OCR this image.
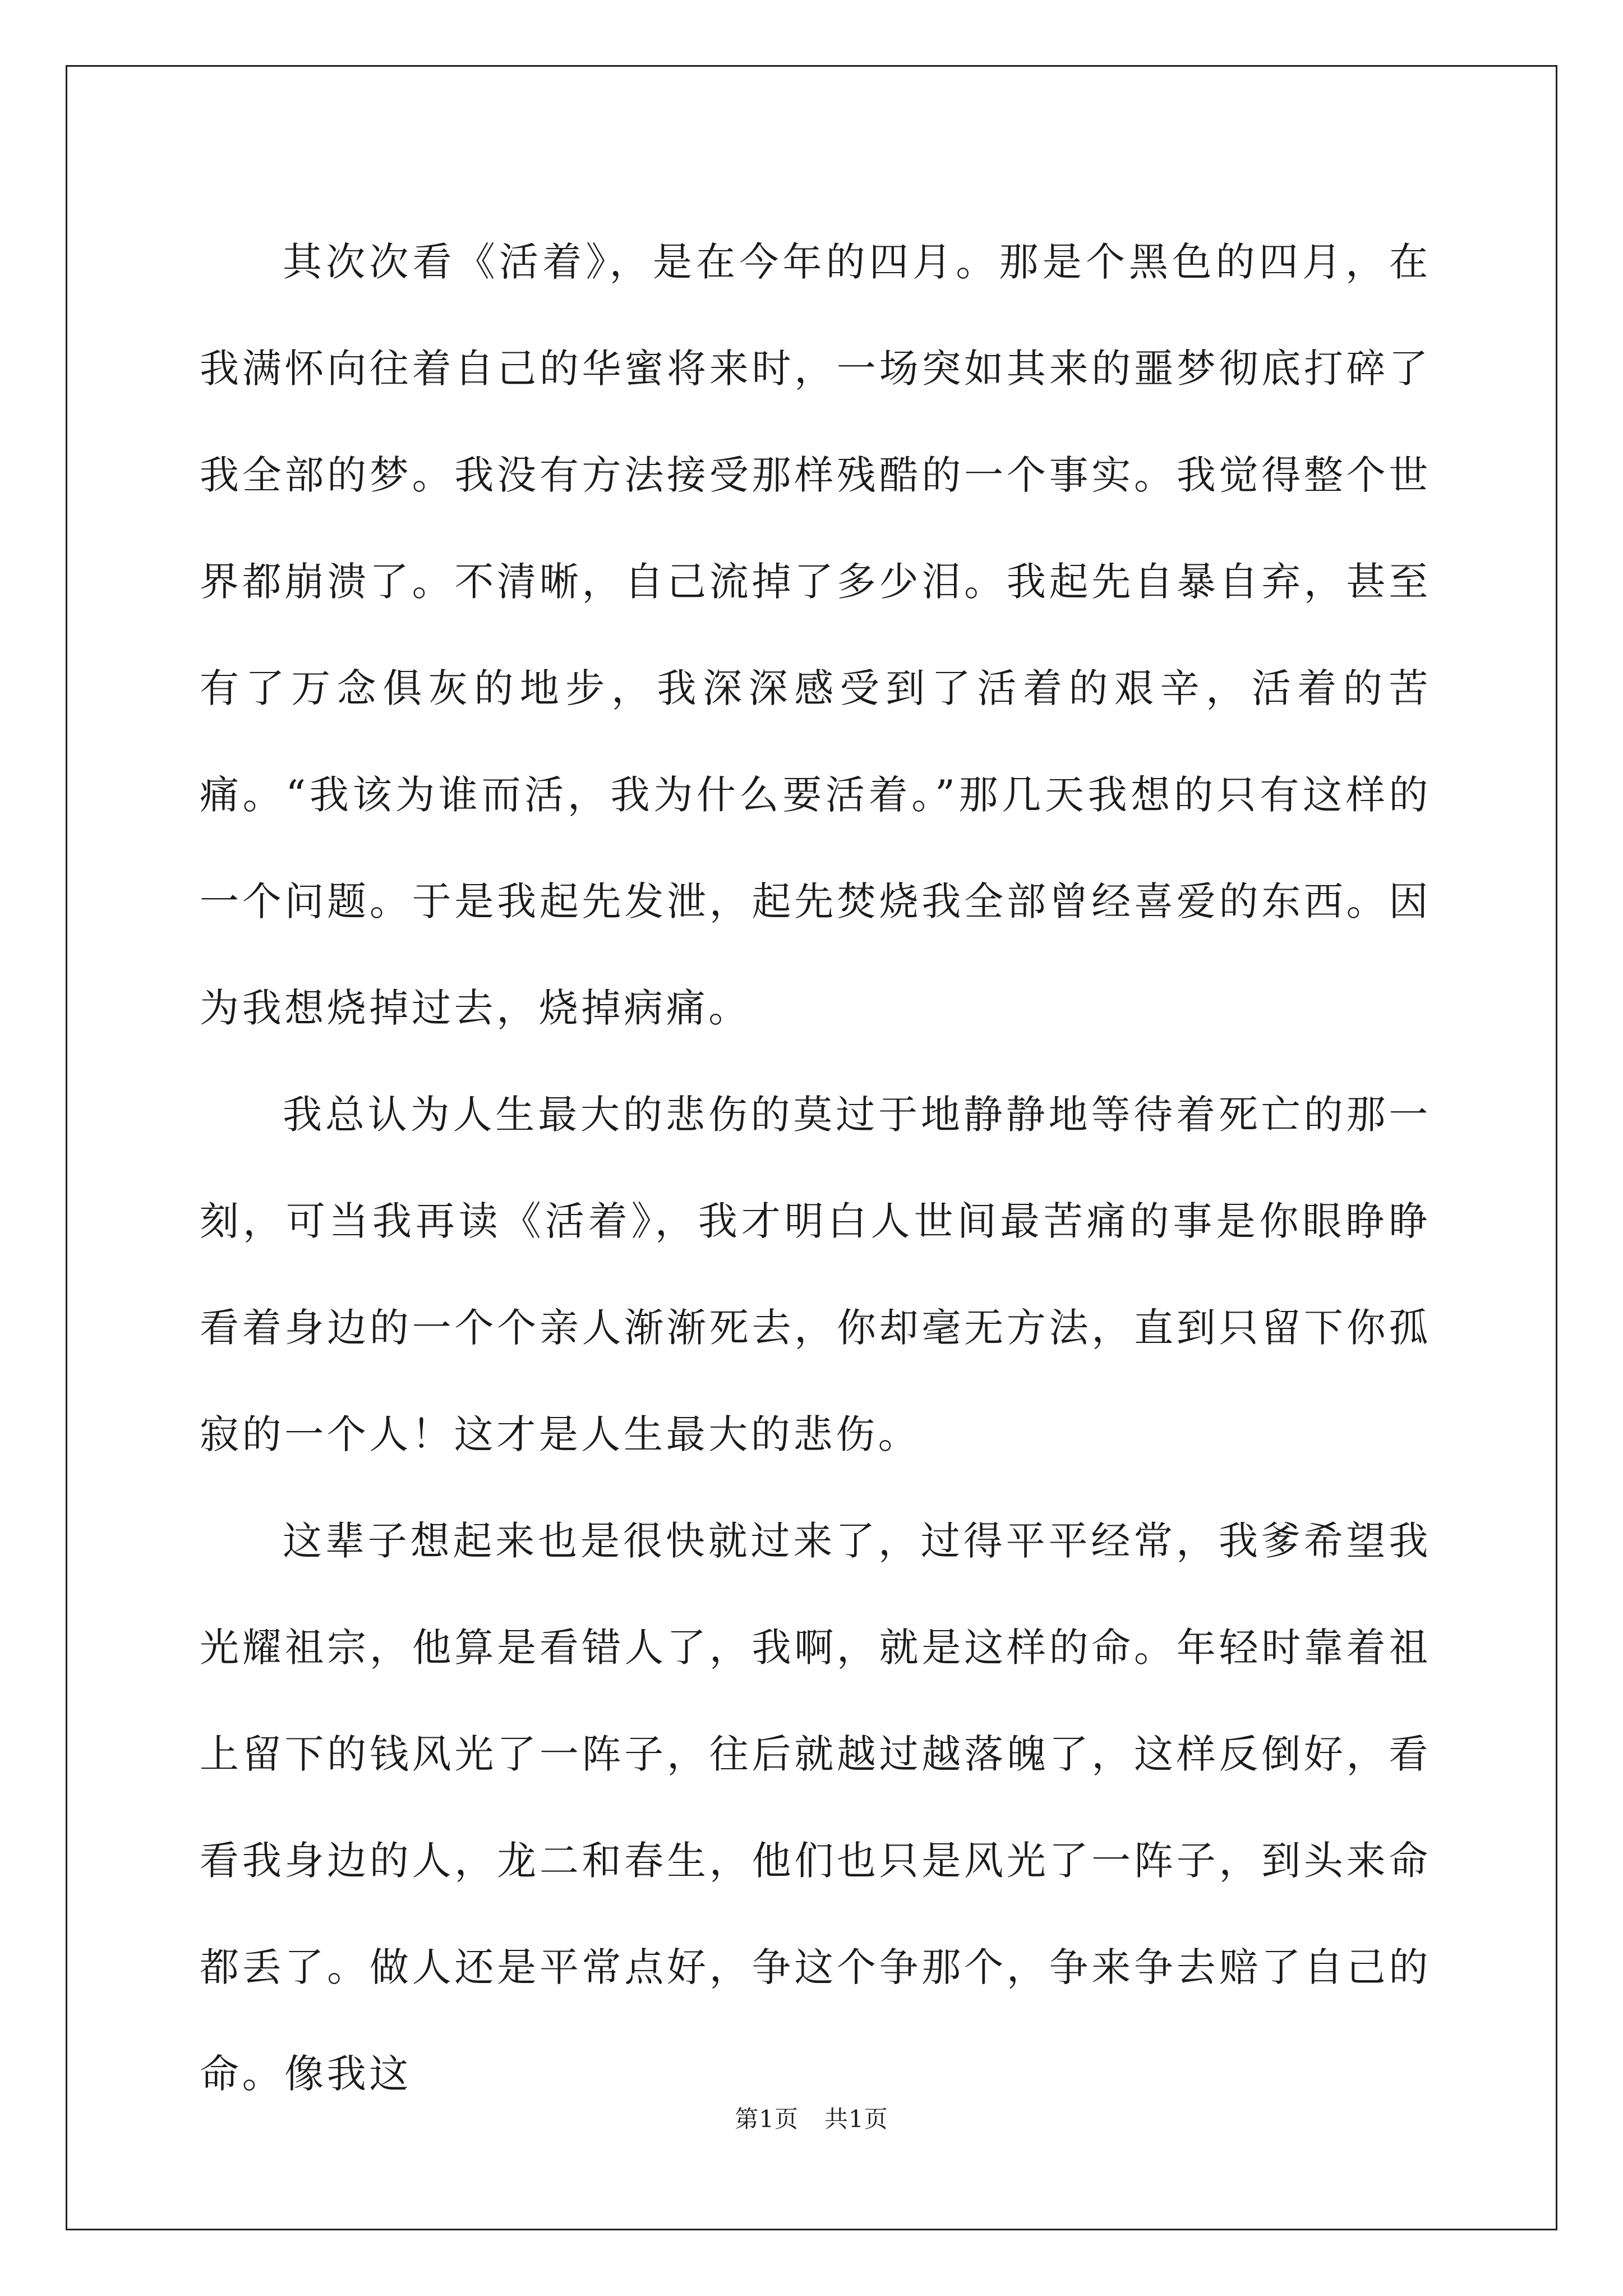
其次次看《活着》，是在今年的四月。那是个黑色的四月，在我满怀向往着自己的华蜜将来时，一场突如其来的噩梦彻底打碎了我全部的梦。我没有方法接受那样残酷的一个事实。我觉得整个世界都崩溃了。不清晰，自己流掉了多少泪。我起先自暴自弃，甚至有了万念俱灰的地步，我深深感受到了活着的艰辛，活着的苦痛。“我该为谁而活，我为什么要活着。”那几天我想的只有这样的一个问题。于是我起先发泄，起先焚烧我全部曾经喜爱的东西。因为我想烧掉过去，烧掉病痛。

我总认为人生最大的悲伤的莫过于地静静地等待着死亡的那一刻，可当我再读《活着》，我才明白人世间最苦痛的事是你眼睁睁看着身边的一个个亲人渐渐死去，你却毫无方法，直到只留下你孤寂的一个人！这才是人生最大的悲伤。

这辈子想起来也是很快就过来了，过得平平经常，我爹希望我光耀祖宗，他算是看错人了，我啊，就是这样的命。年轻时靠着祖上留下的钱风光了一阵子，往后就越过越落魄了，这样反倒好，看看我身边的人，龙二和春生，他们也只是风光了一阵子，到头来命都丢了。做人还是平常点好，争这个争那个，争来争去赔了自己的命。像我这

第1页 共1页
